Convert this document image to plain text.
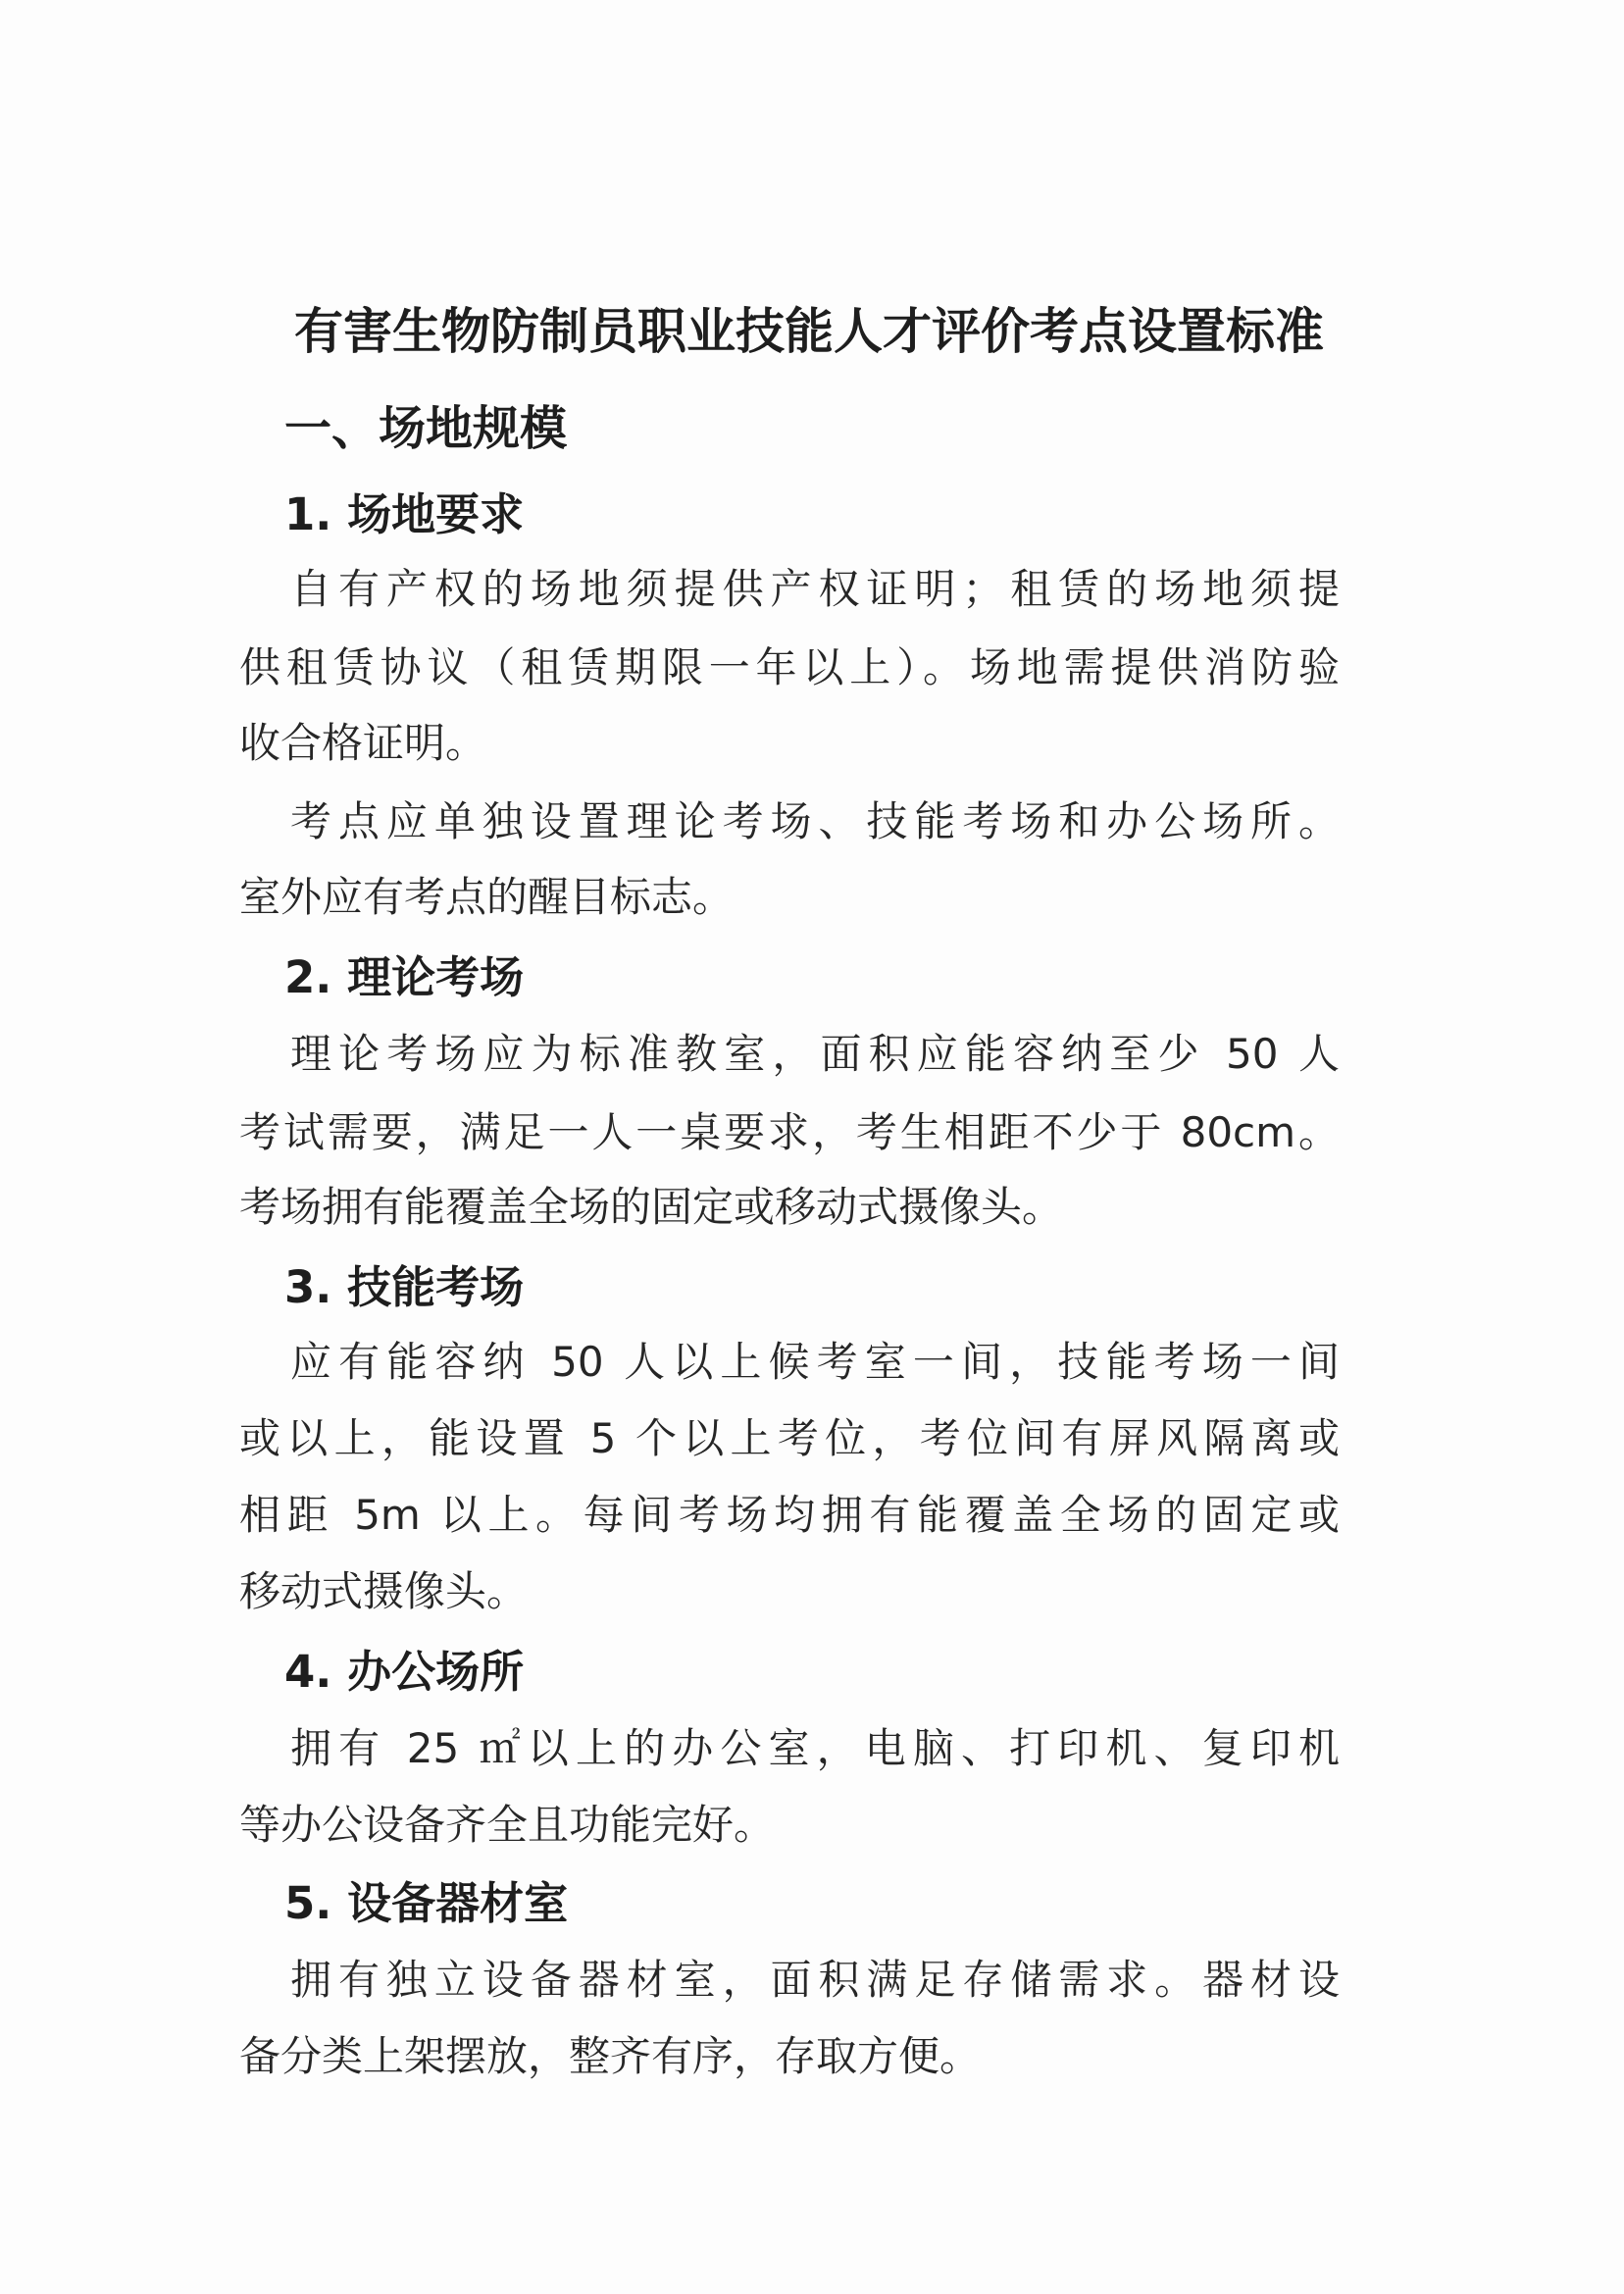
有害生物防制员职业技能人才评价考点设置标准
一、场地规模
1. 场地要求
自有产权的场地须提供产权证明；租赁的场地须提
供租赁协议（租赁期限一年以上）。场地需提供消防验
收合格证明。
考点应单独设置理论考场、技能考场和办公场所。
室外应有考点的醒目标志。
2. 理论考场
理论考场应为标准教室，面积应能容纳至少 50 人
考试需要，满足一人一桌要求，考生相距不少于 80cm。
考场拥有能覆盖全场的固定或移动式摄像头。
3. 技能考场
应有能容纳 50 人以上候考室一间，技能考场一间
或以上，能设置 5 个以上考位，考位间有屏风隔离或
相距 5m 以上。每间考场均拥有能覆盖全场的固定或
移动式摄像头。
4. 办公场所
拥有 25 ㎡以上的办公室，电脑、打印机、复印机
等办公设备齐全且功能完好。
5. 设备器材室
拥有独立设备器材室，面积满足存储需求。器材设
备分类上架摆放，整齐有序，存取方便。
